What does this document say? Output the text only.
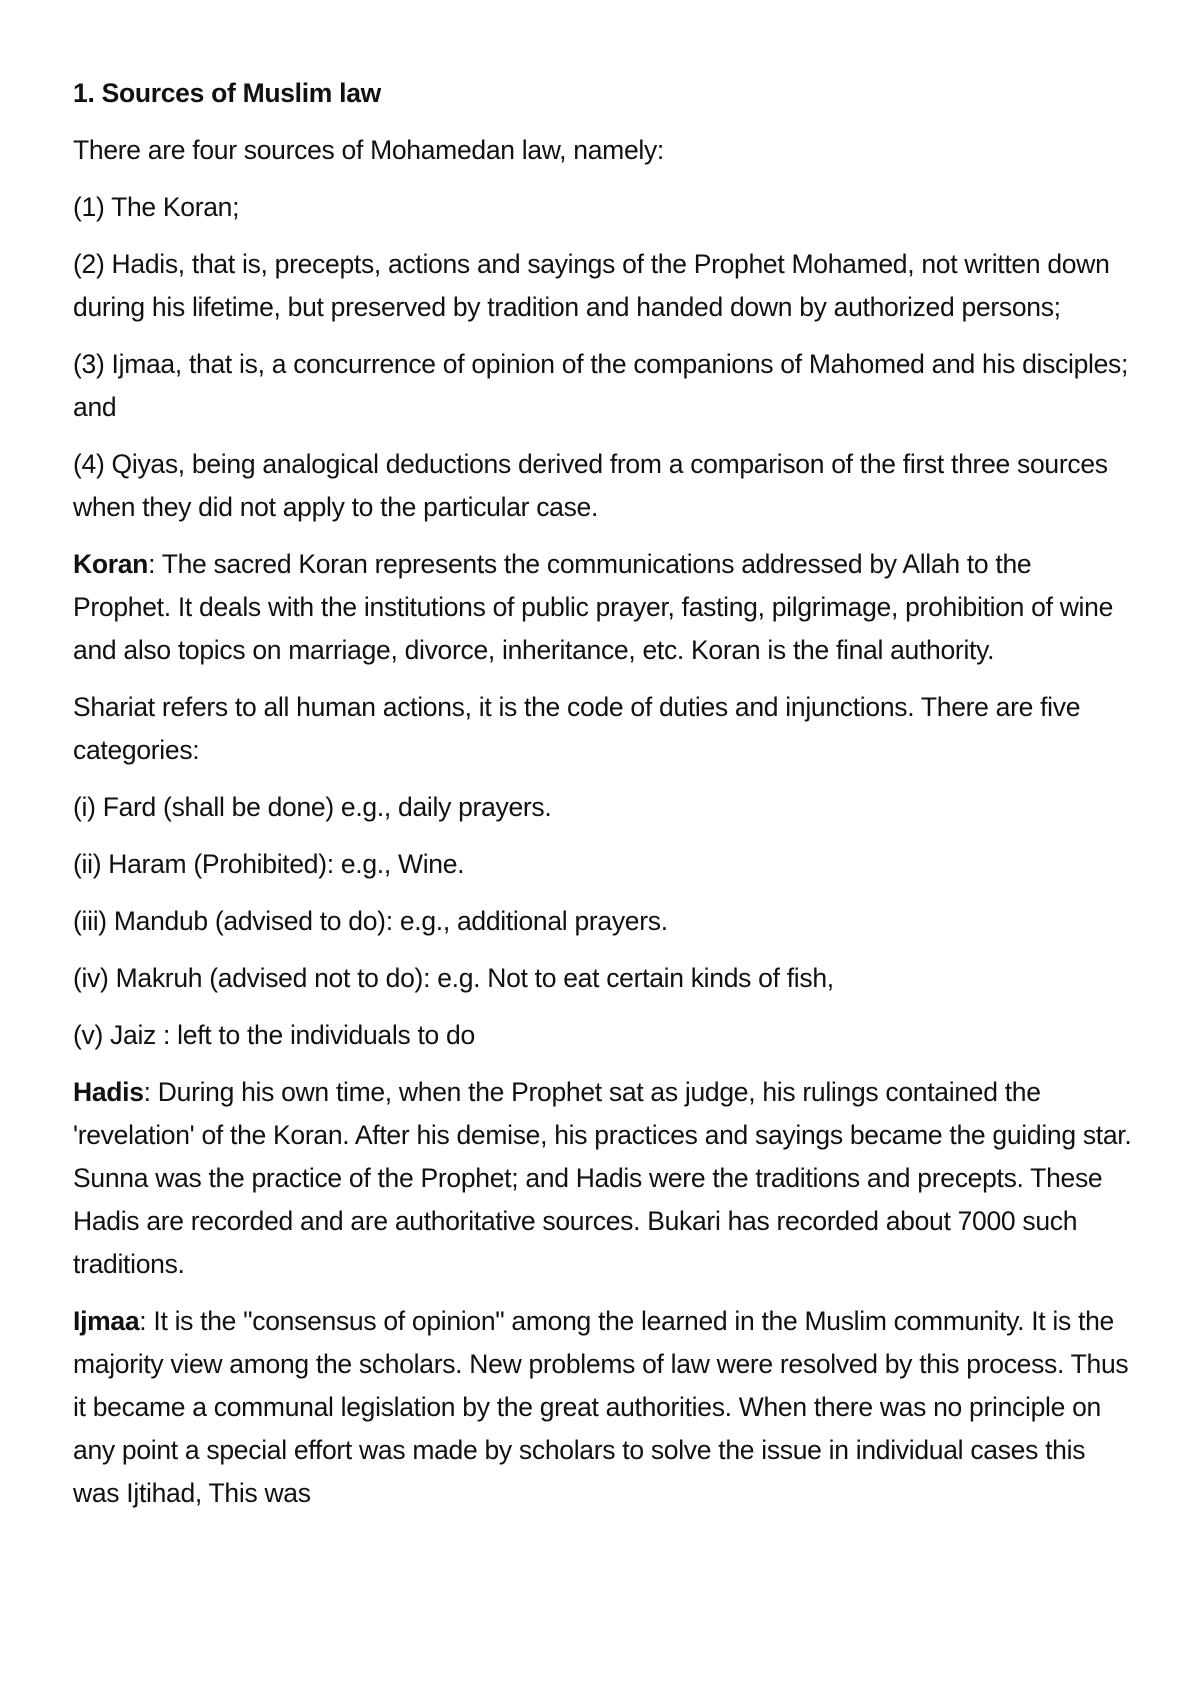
1. Sources of Muslim law

There are four sources of Mohamedan law, namely:

(1) The Koran;

(2) Hadis, that is, precepts, actions and sayings of the Prophet Mohamed, not written down during his lifetime, but preserved by tradition and handed down by authorized persons;

(3) Ijmaa, that is, a concurrence of opinion of the companions of Mahomed and his disciples; and

(4) Qiyas, being analogical deductions derived from a comparison of the first three sources when they did not apply to the particular case.

Koran: The sacred Koran represents the communications addressed by Allah to the Prophet. It deals with the institutions of public prayer, fasting, pilgrimage, prohibition of wine and also topics on marriage, divorce, inheritance, etc. Koran is the final authority.

Shariat refers to all human actions, it is the code of duties and injunctions. There are five categories:

(i) Fard (shall be done) e.g., daily prayers.

(ii) Haram (Prohibited): e.g., Wine.

(iii) Mandub (advised to do): e.g., additional prayers.

(iv) Makruh (advised not to do): e.g. Not to eat certain kinds of fish,

(v) Jaiz : left to the individuals to do

Hadis: During his own time, when the Prophet sat as judge, his rulings contained the 'revelation' of the Koran. After his demise, his practices and sayings became the guiding star. Sunna was the practice of the Prophet; and Hadis were the traditions and precepts. These Hadis are recorded and are authoritative sources. Bukari has recorded about 7000 such traditions.

Ijmaa: It is the "consensus of opinion" among the learned in the Muslim community. It is the majority view among the scholars. New problems of law were resolved by this process. Thus it became a communal legislation by the great authorities. When there was no principle on any point a special effort was made by scholars to solve the issue in individual cases this was Ijtihad, This was
